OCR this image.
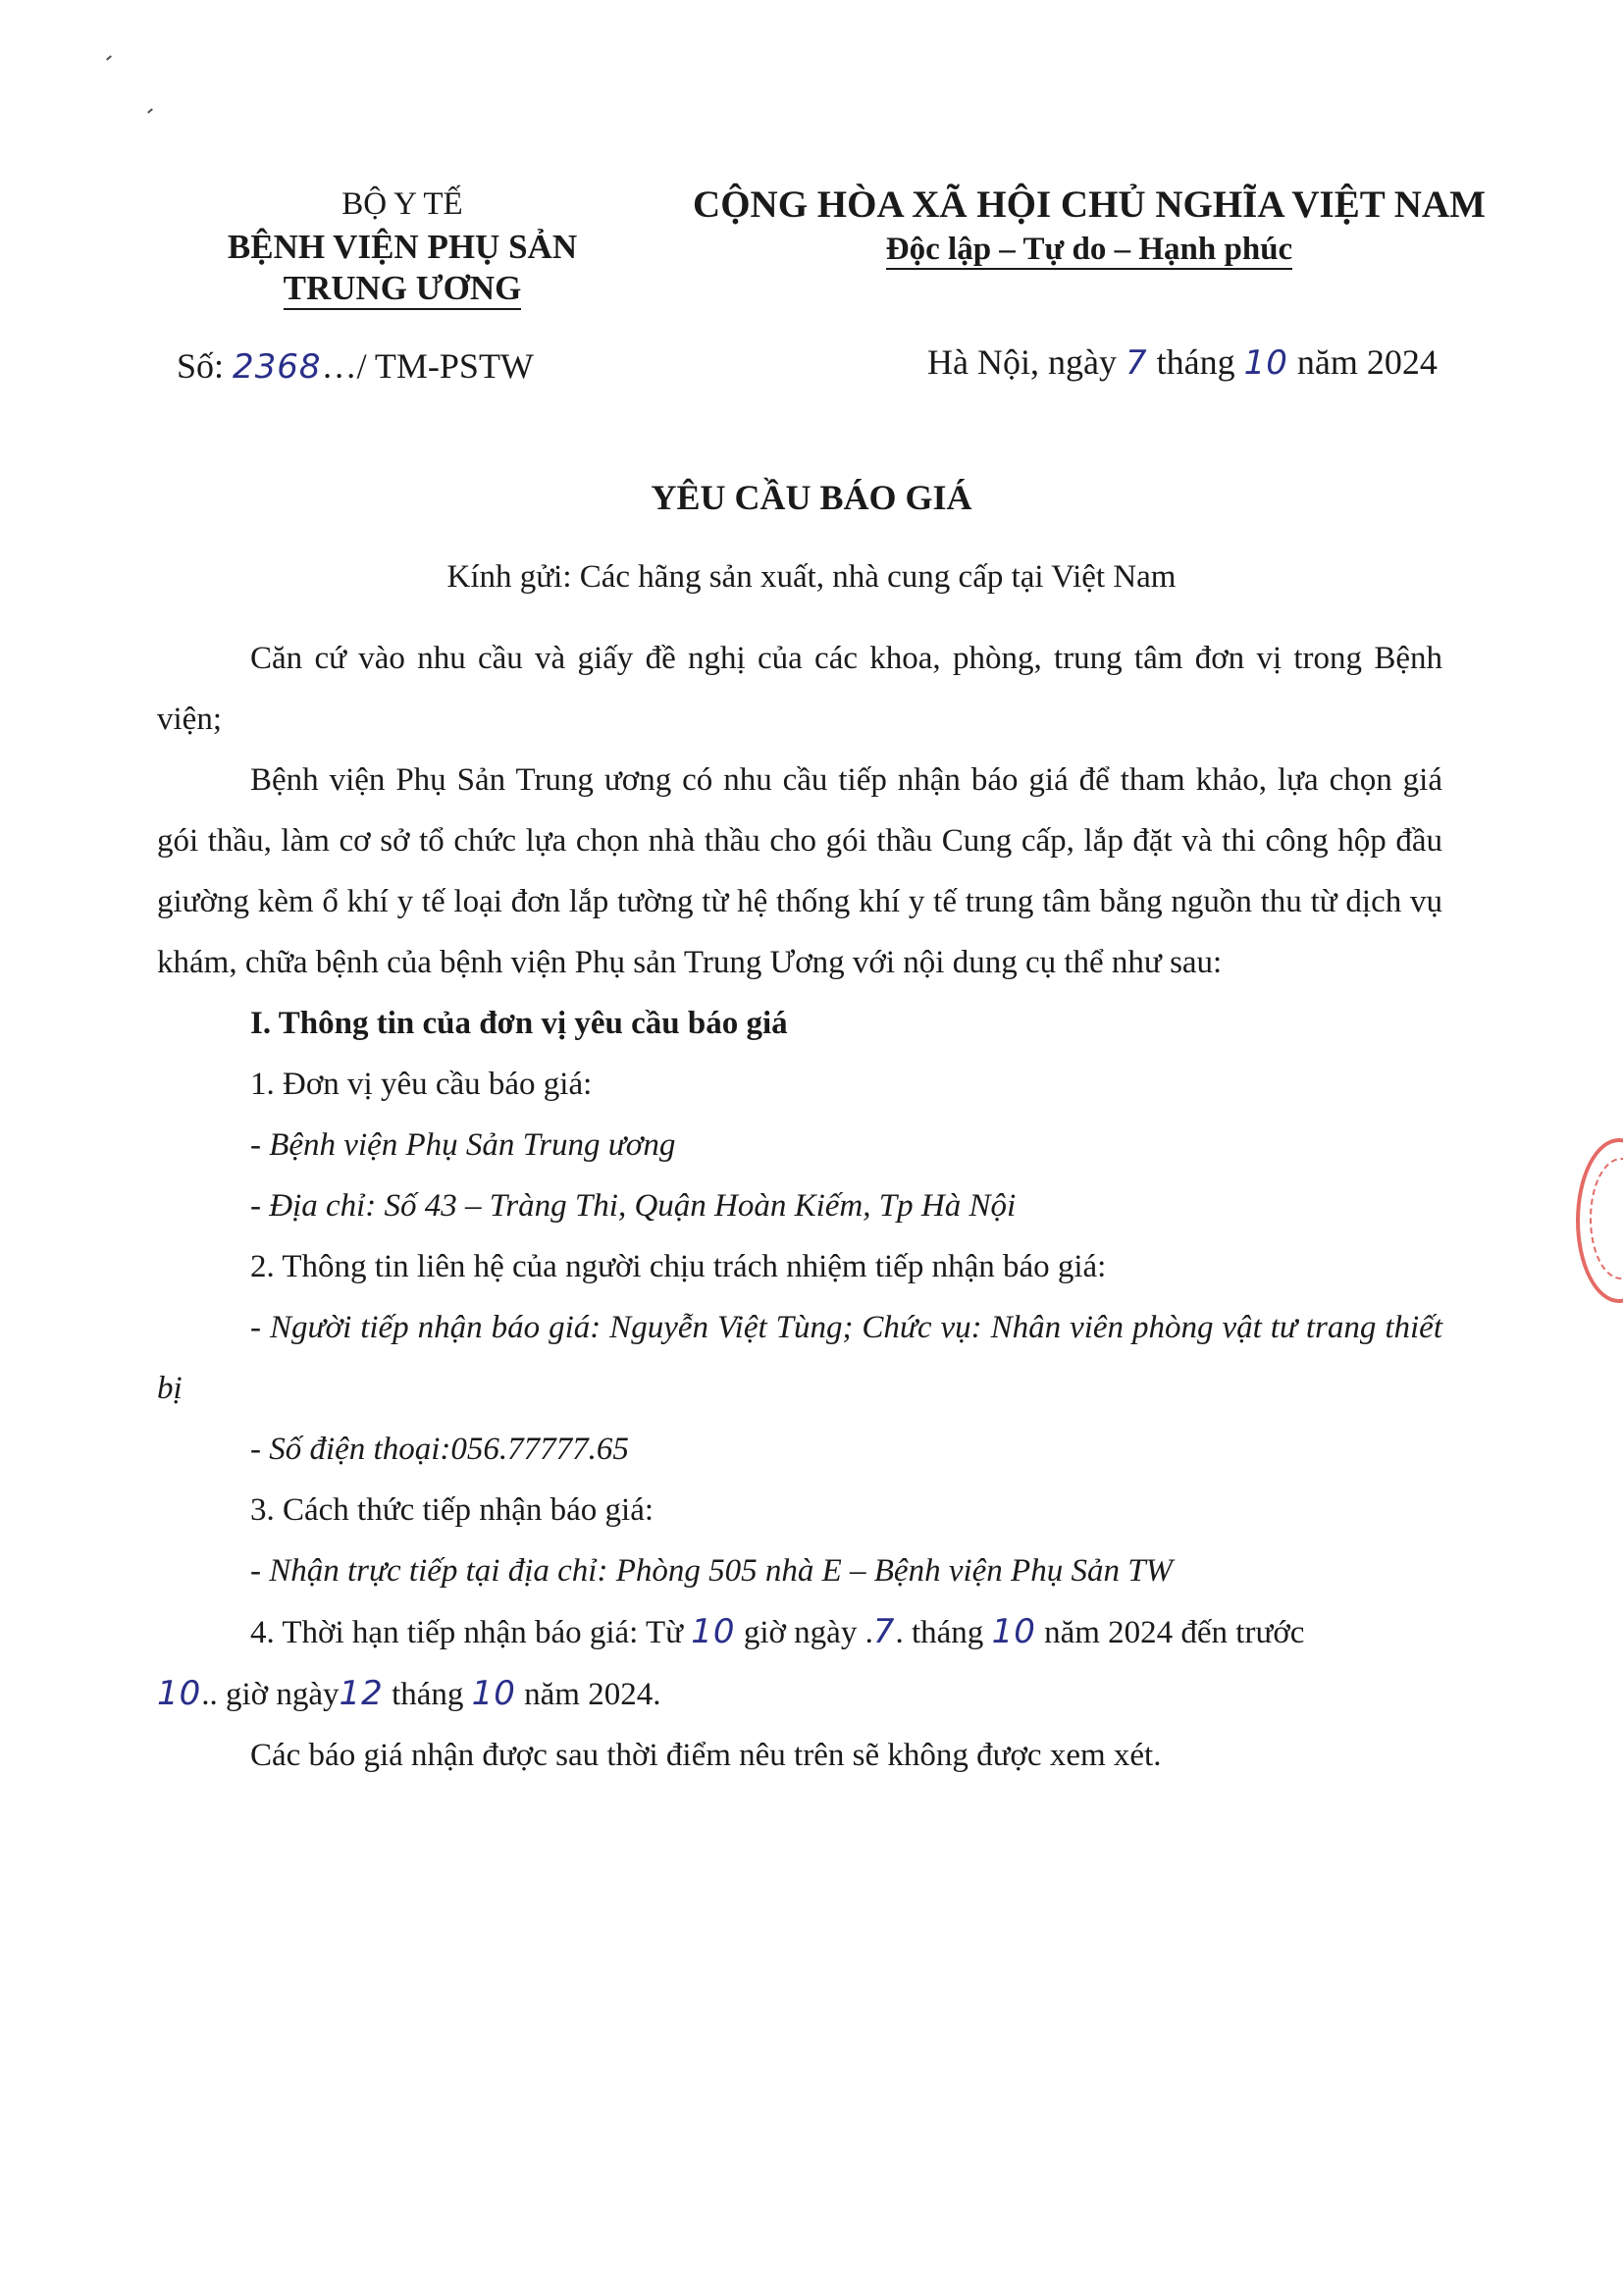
BỘ Y TẾ
BỆNH VIỆN PHỤ SẢN
TRUNG ƯƠNG
Số: 2368…/ TM-PSTW
CỘNG HÒA XÃ HỘI CHỦ NGHĨA VIỆT NAM
Độc lập – Tự do – Hạnh phúc
Hà Nội, ngày 7 tháng 10 năm 2024
YÊU CẦU BÁO GIÁ
Kính gửi: Các hãng sản xuất, nhà cung cấp tại Việt Nam

Căn cứ vào nhu cầu và giấy đề nghị của các khoa, phòng, trung tâm đơn vị trong Bệnh viện;

Bệnh viện Phụ Sản Trung ương có nhu cầu tiếp nhận báo giá để tham khảo, lựa chọn giá gói thầu, làm cơ sở tổ chức lựa chọn nhà thầu cho gói thầu Cung cấp, lắp đặt và thi công hộp đầu giường kèm ổ khí y tế loại đơn lắp tường từ hệ thống khí y tế trung tâm bằng nguồn thu từ dịch vụ khám, chữa bệnh của bệnh viện Phụ sản Trung Ương với nội dung cụ thể như sau:

I. Thông tin của đơn vị yêu cầu báo giá

1. Đơn vị yêu cầu báo giá:

- Bệnh viện Phụ Sản Trung ương

- Địa chỉ: Số 43 – Tràng Thi, Quận Hoàn Kiếm, Tp Hà Nội

2. Thông tin liên hệ của người chịu trách nhiệm tiếp nhận báo giá:

- Người tiếp nhận báo giá: Nguyễn Việt Tùng; Chức vụ: Nhân viên phòng vật tư trang thiết bị

- Số điện thoại:056.77777.65

3. Cách thức tiếp nhận báo giá:

- Nhận trực tiếp tại địa chỉ: Phòng 505 nhà E – Bệnh viện Phụ Sản TW

4. Thời hạn tiếp nhận báo giá: Từ 10 giờ ngày .7. tháng 10 năm 2024 đến trước

10.. giờ ngày12 tháng 10 năm 2024.

Các báo giá nhận được sau thời điểm nêu trên sẽ không được xem xét.
